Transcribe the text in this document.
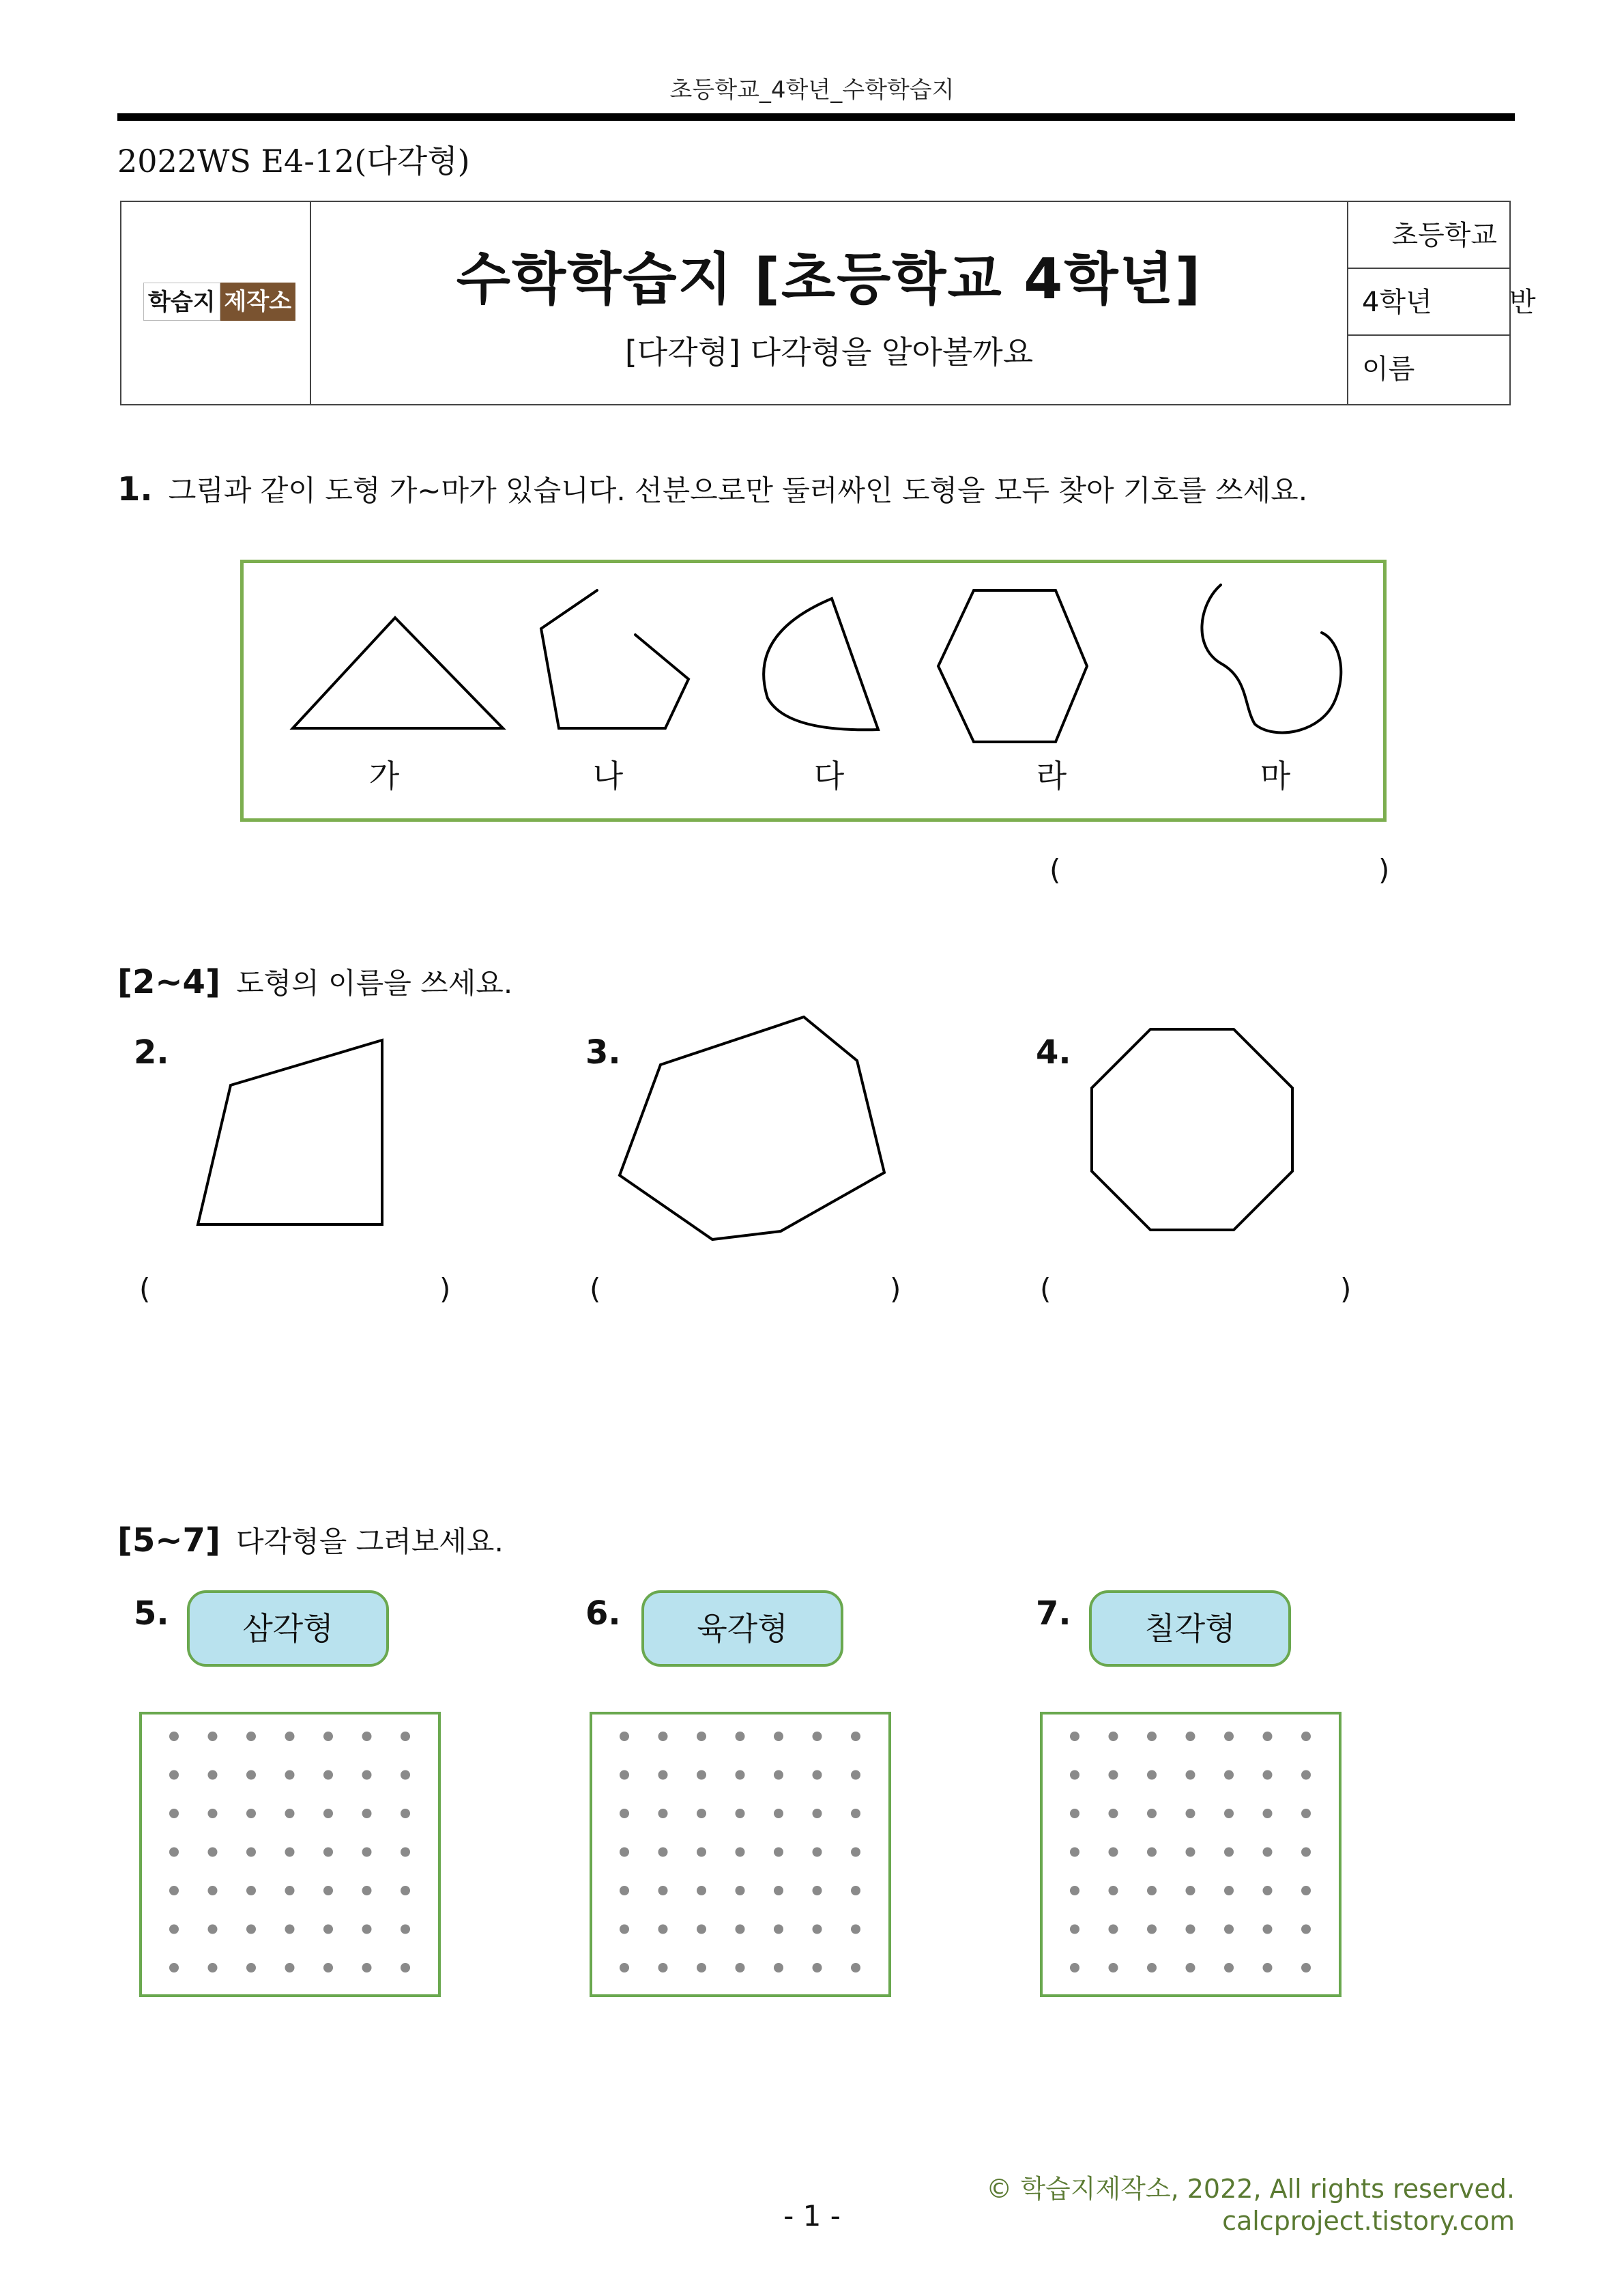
초등학교_4학년_수학학습지
2022WS E4-12(다각형)
학습지 제작소	수학학습지 [초등학교 4학년]
[다각형] 다각형을 알아볼까요
초등학교
4학년	반
이름
1. 그림과 같이 도형 가~마가 있습니다. 선분으로만 둘러싸인 도형을 모두 찾아 기호를 쓰세요.
가	나	다	라	마
(	)
[2~4] 도형의 이름을 쓰세요.
2.	3.	4.
(	)	(	)	(	)
[5~7] 다각형을 그려보세요.
5.	삼각형	6.	육각형	7.	칠각형
© 학습지제작소, 2022, All rights reserved.
calcproject.tistory.com
- 1 -
